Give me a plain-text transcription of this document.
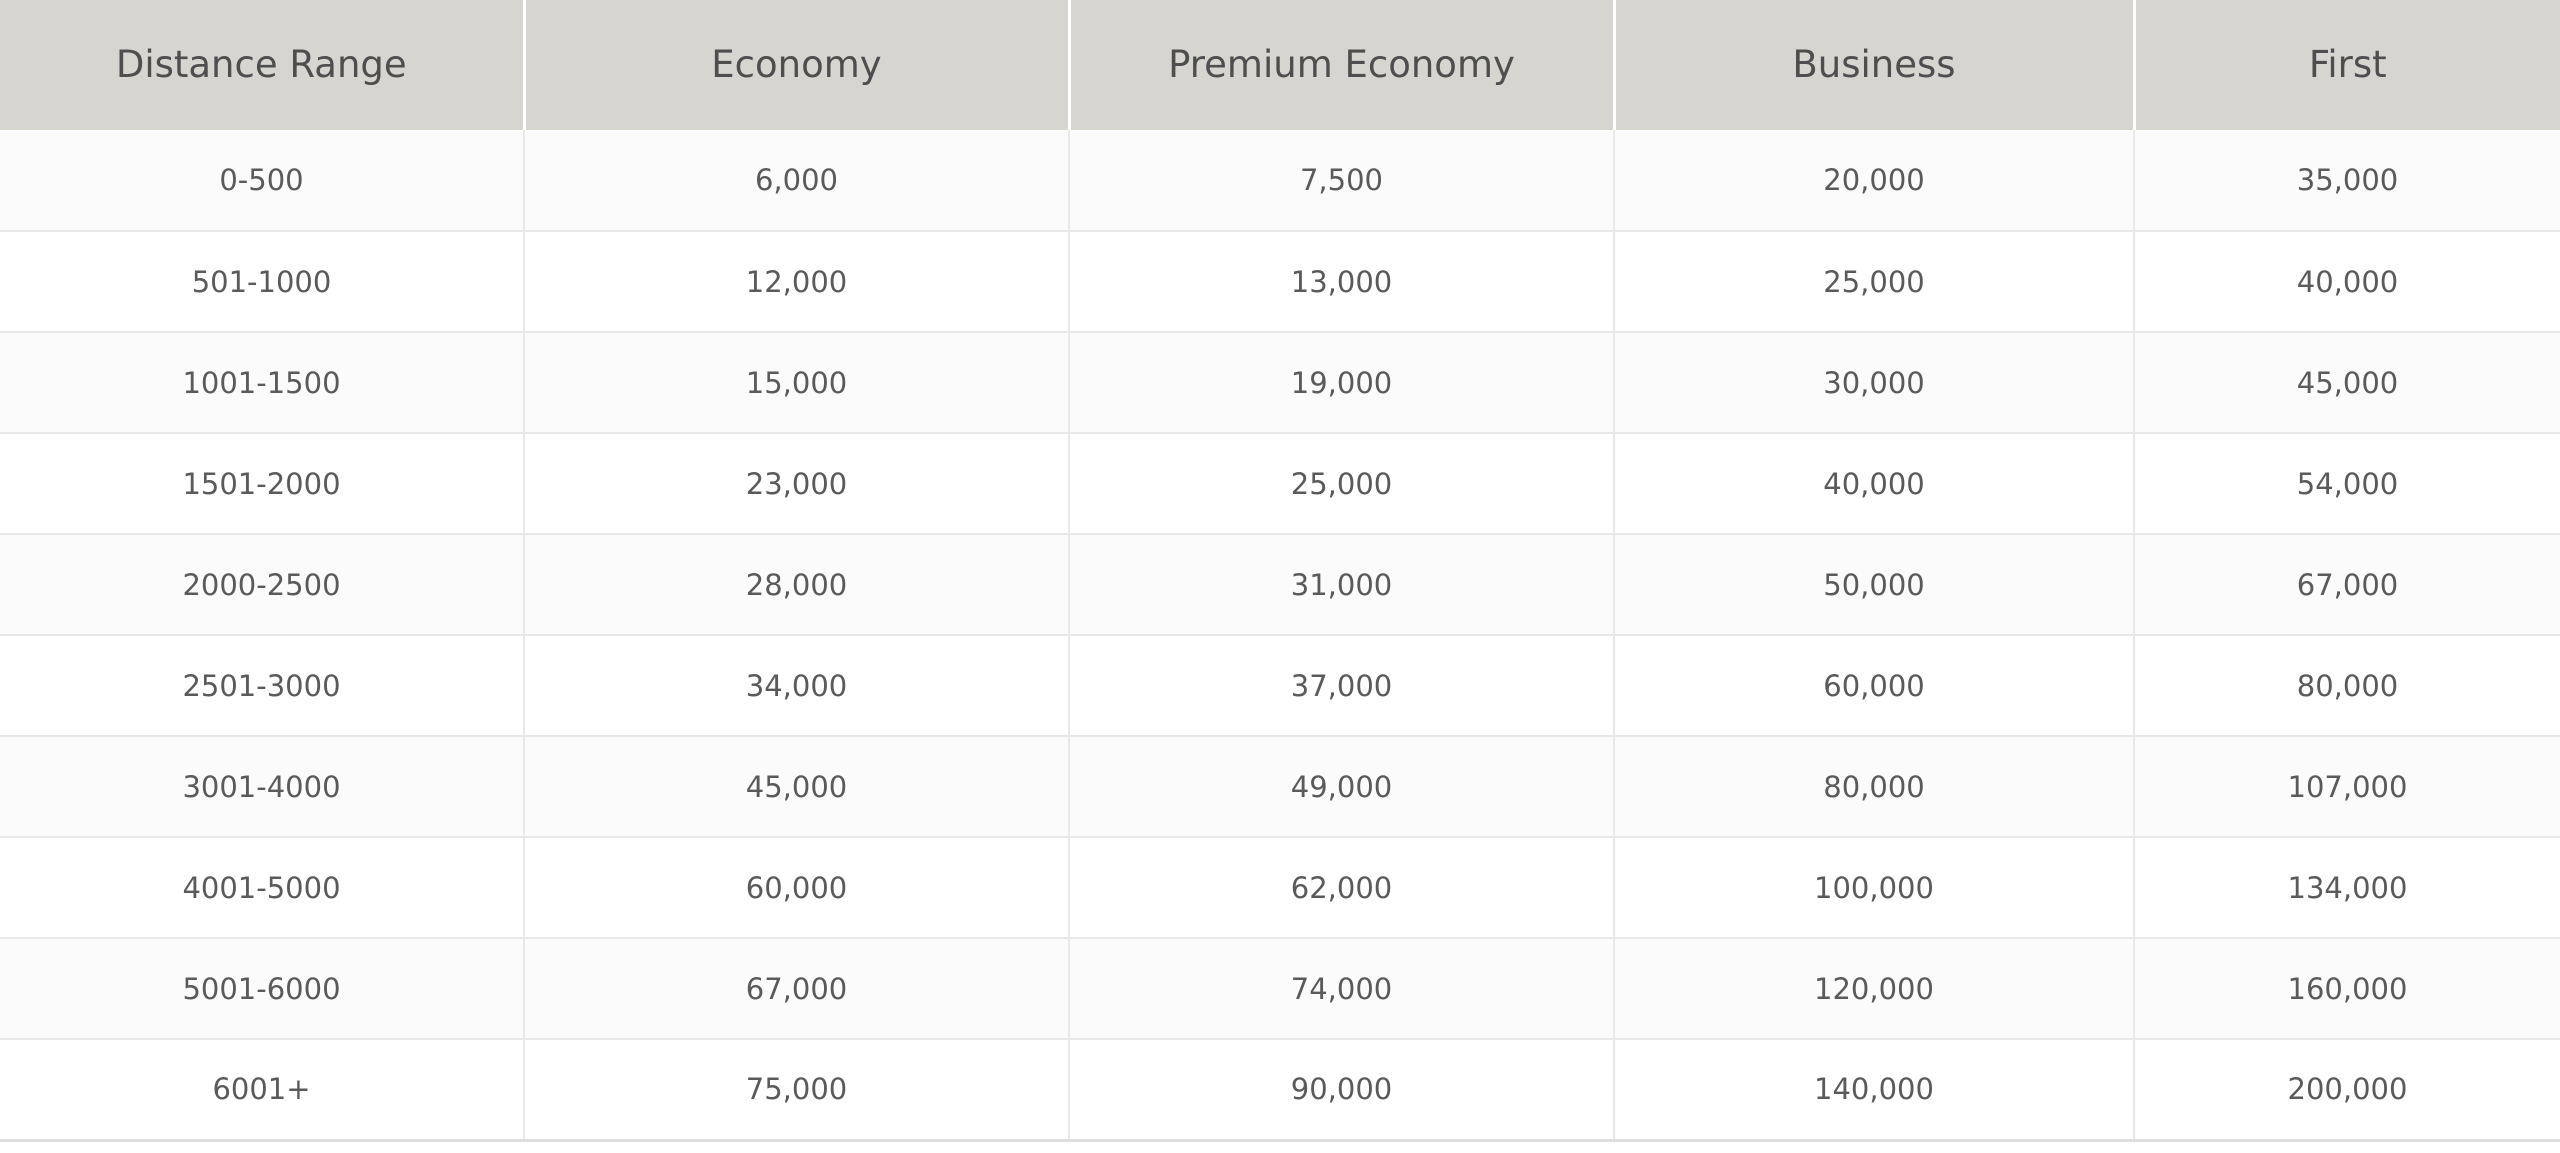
Distance Range	Economy	Premium Economy	Business	First
0-500	6,000	7,500	20,000	35,000
501-1000	12,000	13,000	25,000	40,000
1001-1500	15,000	19,000	30,000	45,000
1501-2000	23,000	25,000	40,000	54,000
2000-2500	28,000	31,000	50,000	67,000
2501-3000	34,000	37,000	60,000	80,000
3001-4000	45,000	49,000	80,000	107,000
4001-5000	60,000	62,000	100,000	134,000
5001-6000	67,000	74,000	120,000	160,000
6001+	75,000	90,000	140,000	200,000
